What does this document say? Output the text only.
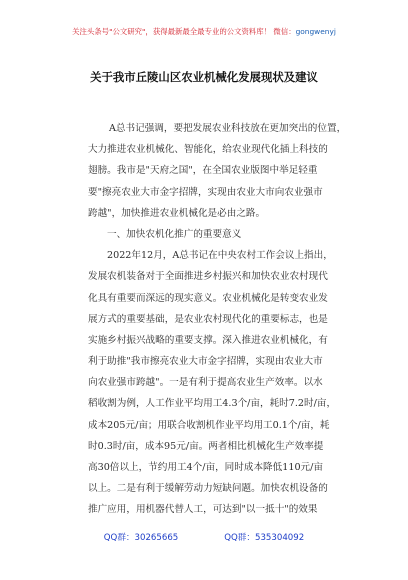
关注头条号"公文研究"，获得最新最全最专业的公文资料库！ 微信：gongwenyj
关于我市丘陵山区农业机械化发展现状及建议
A总书记强调，要把发展农业科技放在更加突出的位置，
大力推进农业机械化、智能化，给农业现代化插上科技的
翅膀。我市是"天府之国"，在全国农业版图中举足轻重
要"擦亮农业大市金字招牌，实现由农业大市向农业强市
跨越"，加快推进农业机械化是必由之路。
一、加快农机化推广的重要意义
2022年12月，A总书记在中央农村工作会议上指出，
发展农机装备对于全面推进乡村振兴和加快农业农村现代
化具有重要而深远的现实意义。农业机械化是转变农业发
展方式的重要基础，是农业农村现代化的重要标志，也是
实施乡村振兴战略的重要支撑。深入推进农业机械化，有
利于助推"我市擦亮农业大市金字招牌，实现由农业大市
向农业强市跨越"。一是有利于提高农业生产效率。以水
稻收割为例，人工作业平均用工4.3个/亩，耗时7.2时/亩，
成本205元/亩；用联合收割机作业平均用工0.1个/亩，耗
时0.3时/亩，成本95元/亩。两者相比机械化生产效率提
高30倍以上，节约用工4个/亩，同时成本降低110元/亩
以上。二是有利于缓解劳动力短缺问题。加快农机设备的
推广应用，用机器代替人工，可达到"以一抵十"的效果
QQ群：30265665	QQ群：535304092
